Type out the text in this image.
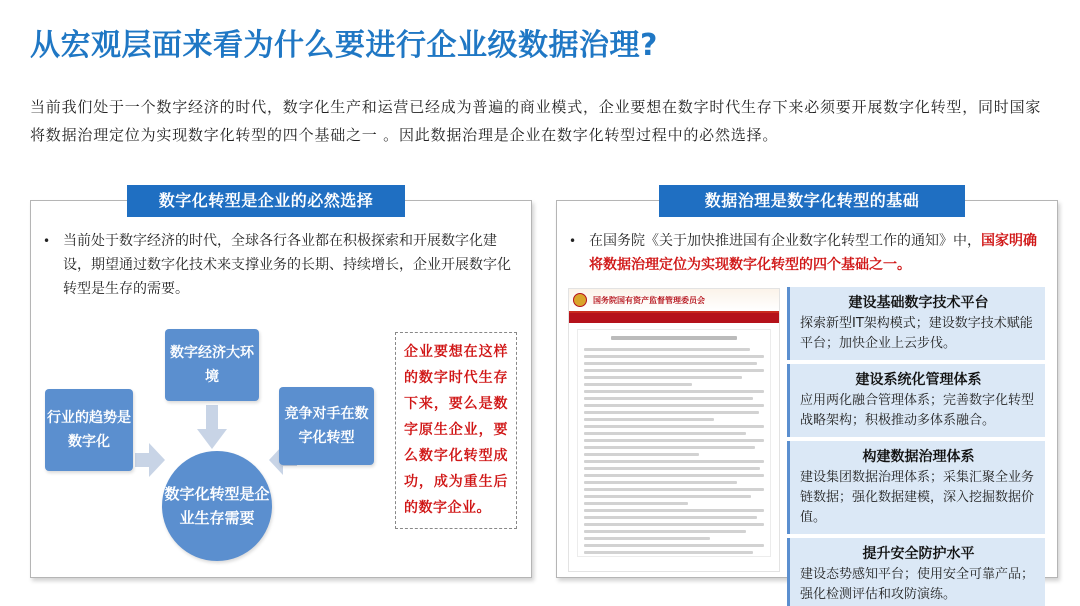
从宏观层面来看为什么要进行企业级数据治理?
当前我们处于一个数字经济的时代，数字化生产和运营已经成为普遍的商业模式，企业要想在数字时代生存下来必须要开展数字化转型，同时国家将数据治理定位为实现数字化转型的四个基础之一 。因此数据治理是企业在数字化转型过程中的必然选择。
数字化转型是企业的必然选择
• 当前处于数字经济的时代，全球各行各业都在积极探索和开展数字化建设，期望通过数字化技术来支撑业务的长期、持续增长，企业开展数字化转型是生存的需要。
数字经济大环境
行业的趋势是数字化
竞争对手在数字化转型
数字化转型是企业生存需要
企业要想在这样的数字时代生存下来，要么是数字原生企业，要么数字化转型成功，成为重生后的数字企业。
数据治理是数字化转型的基础
• 在国务院《关于加快推进国有企业数字化转型工作的通知》中，国家明确将数据治理定位为实现数字化转型的四个基础之一。
国务院国有资产监督管理委员会	建设基础数字技术平台
探索新型IT架构模式；建设数字技术赋能平台；加快企业上云步伐。
建设系统化管理体系
应用两化融合管理体系；完善数字化转型战略架构；积极推动多体系融合。
构建数据治理体系
建设集团数据治理体系；采集汇聚全业务链数据；强化数据建模，深入挖掘数据价值。
提升安全防护水平
建设态势感知平台；使用安全可靠产品；强化检测评估和攻防演练。
